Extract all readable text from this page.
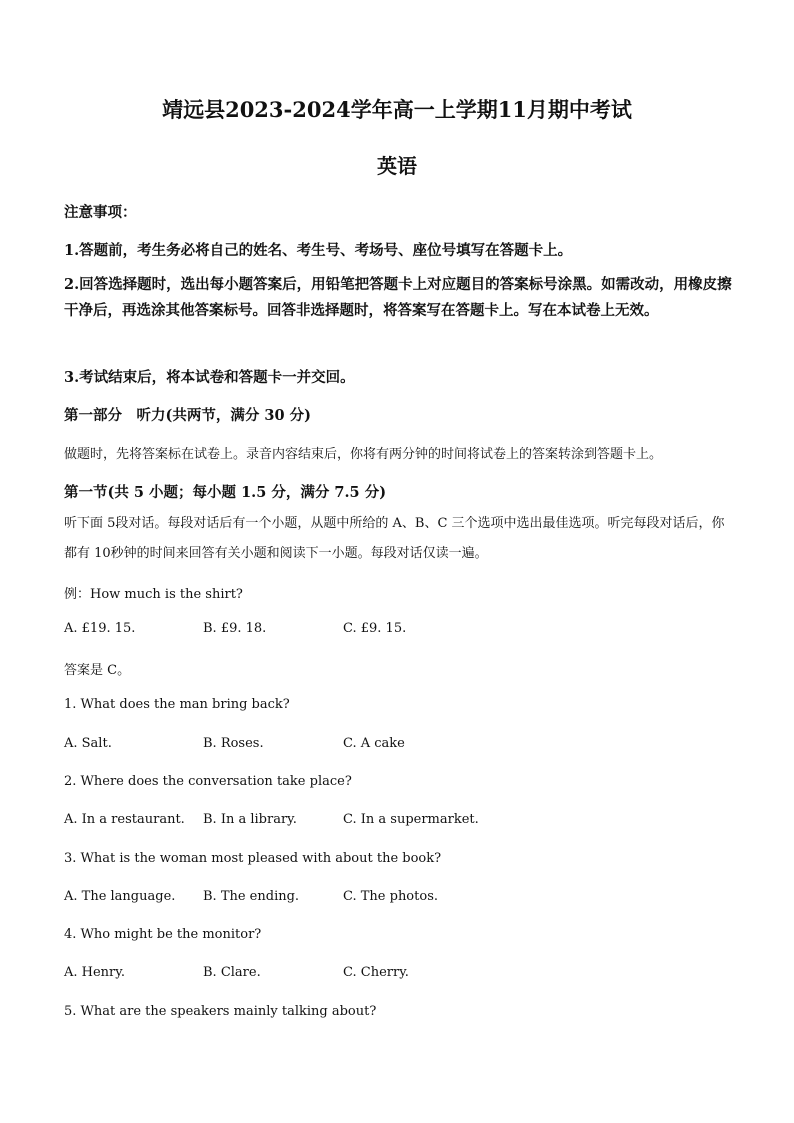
靖远县2023-2024学年高一上学期11月期中考试
英语
注意事项：
1.答题前，考生务必将自己的姓名、考生号、考场号、座位号填写在答题卡上。
2.回答选择题时，选出每小题答案后，用铅笔把答题卡上对应题目的答案标号涂黑。如需改动，用橡皮擦干净后，再选涂其他答案标号。回答非选择题时，将答案写在答题卡上。写在本试卷上无效。
3.考试结束后，将本试卷和答题卡一并交回。
第一部分　听力(共两节，满分 30 分)
做题时，先将答案标在试卷上。录音内容结束后，你将有两分钟的时间将试卷上的答案转涂到答题卡上。
第一节(共 5 小题；每小题 1.5 分，满分 7.5 分)
听下面 5段对话。每段对话后有一个小题，从题中所给的 A、B、C 三个选项中选出最佳选项。听完每段对话后，你都有 10秒钟的时间来回答有关小题和阅读下一小题。每段对话仅读一遍。
例：How much is the shirt?
A. £19. 15.	B. £9. 18.	C. £9. 15.
答案是 C。
1. What does the man bring back?
A. Salt.	B. Roses.	C. A cake
2. Where does the conversation take place?
A. In a restaurant. B. In a library.	C. In a supermarket.
3. What is the woman most pleased with about the book?
A. The language. B. The ending.	C. The photos.
4. Who might be the monitor?
A. Henry.	B. Clare.	C. Cherry.
5. What are the speakers mainly talking about?
